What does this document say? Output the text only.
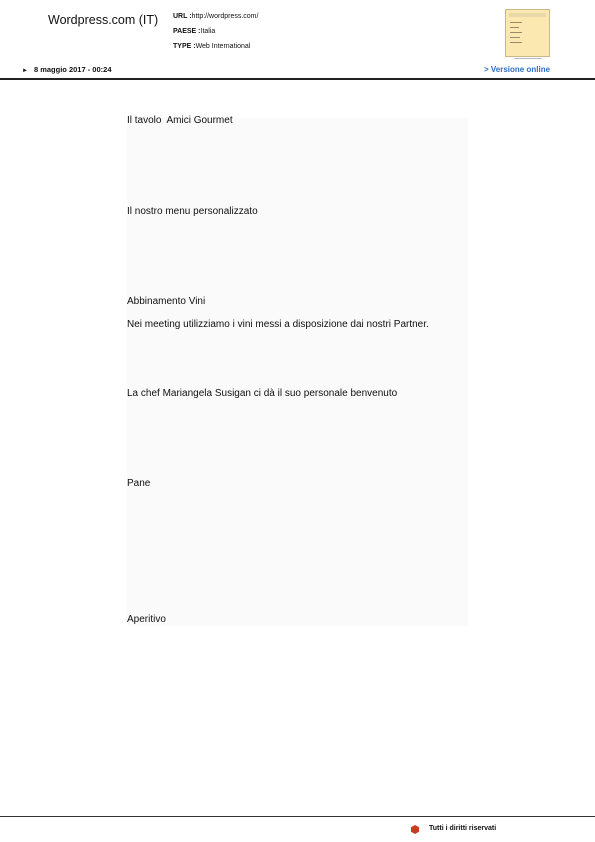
Wordpress.com (IT) URL :http://wordpress.com/
PAESE :Italia
TYPE :Web International
► 8 maggio 2017 - 00:24	> Versione online
Il tavolo  Amici Gourmet
Il nostro menu personalizzato
Abbinamento Vini
Nei meeting utilizziamo i vini messi a disposizione dai nostri Partner.
La chef Mariangela Susigan ci dà il suo personale benvenuto
Pane
Aperitivo
Tutti i diritti riservati
